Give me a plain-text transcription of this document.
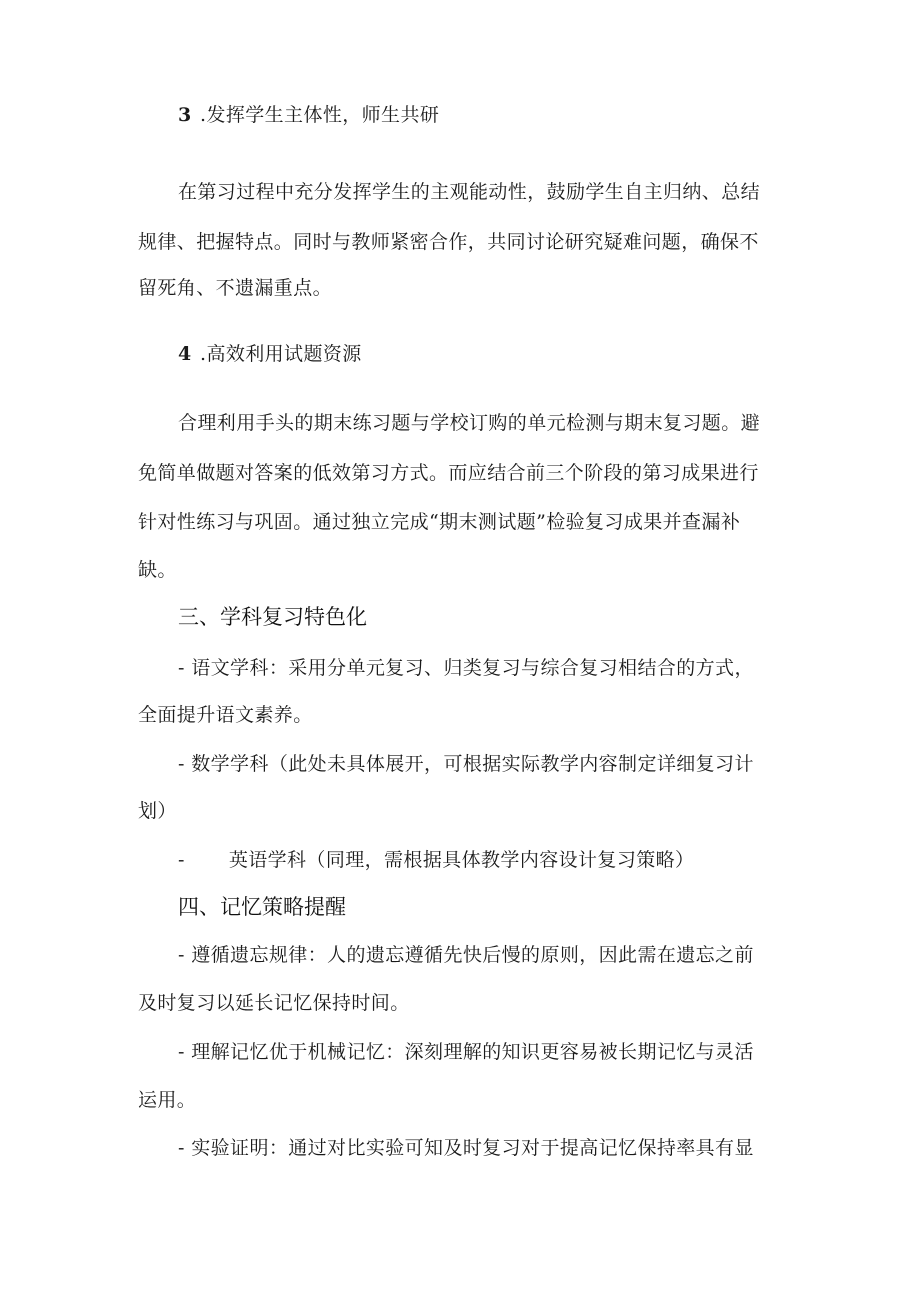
3 .发挥学生主体性，师生共研
在第习过程中充分发挥学生的主观能动性，鼓励学生自主归纳、总结
规律、把握特点。同时与教师紧密合作，共同讨论研究疑难问题，确保不
留死角、不遗漏重点。
4 .高效利用试题资源
合理利用手头的期末练习题与学校订购的单元检测与期末复习题。避
免简单做题对答案的低效第习方式。而应结合前三个阶段的第习成果进行
针对性练习与巩固。通过独立完成“期末测试题”检验复习成果并查漏补
缺。
三、学科复习特色化
- 语文学科：采用分单元复习、归类复习与综合复习相结合的方式，
全面提升语文素养。
- 数学学科（此处未具体展开，可根据实际教学内容制定详细复习计
划）
- 英语学科（同理，需根据具体教学内容设计复习策略）
四、记忆策略提醒
- 遵循遗忘规律：人的遗忘遵循先快后慢的原则，因此需在遗忘之前
及时复习以延长记忆保持时间。
- 理解记忆优于机械记忆：深刻理解的知识更容易被长期记忆与灵活
运用。
- 实验证明：通过对比实验可知及时复习对于提高记忆保持率具有显
